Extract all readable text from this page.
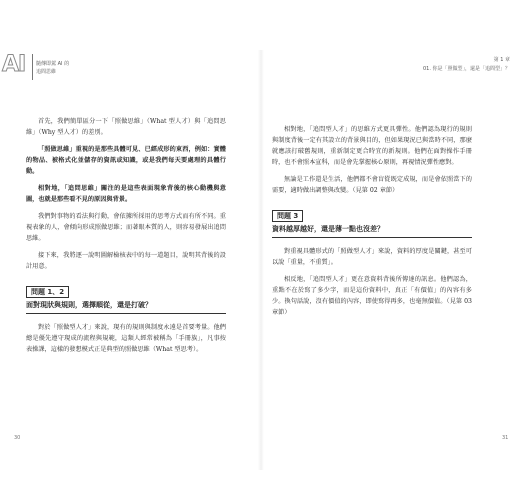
AI 隨傳即駕 AI 的
追問思維

首先，我們簡單區分一下「照做思維」（What 型人才）與「追問思維」（Why 型人才）的差別。

「照做思維」重視的是那些具體可見、已經成形的東西，例如：實體的物品、被格式化並儲存的資訊或知識，或是我們每天要處理的具體行動。

相對地，「追問思維」關注的是這些表面現象背後的核心動機與意圖，也就是那些看不見的原因與背景。

我們對事物的看法與行動，會依據所採用的思考方式而有所不同。重視表象的人，會傾向形成照做思維；而著眼本質的人，則容易發展出追問思維。

接下來，我將逐一說明圖解檢核表中的每一道題目，說明其背後的設計用意。

問題 1、2
面對現狀與規則，選擇順從，還是打破？

對於「照做型人才」來說，現有的規則與制度永遠是首要考量。他們總是優先遵守現成的流程與規範，這類人經常被稱為「手冊族」，凡事按表操課，這樣的發想模式正是典型的照做思維（What 型思考）。

30
第 1 章
01. 你是「照做型」，還是「追問型」？

相對地，「追問型人才」的思維方式更具彈性。他們認為現行的規則與制度背後一定有其設立的背景與目的，但如果現況已與當時不同，那麼就應該打破舊規則，重新制定更合時宜的新規則。他們在面對操作手冊時，也不會照本宣科，而是會先掌握核心原則，再視情況彈性應對。

無論是工作還是生活，他們都不會盲從既定成規，而是會依照當下的需要，適時做出調整與改變。（見第 02 章節）

問題 3
資料越厚越好，還是薄一點也沒差？

對重視具體形式的「照做型人才」來說，資料的厚度是關鍵，甚至可以說「重量，不重質」。

相反地，「追問型人才」更在意資料背後所傳達的訊息。他們認為，重點不在於寫了多少字，而是這份資料中，真正「有價值」的內容有多少。換句話說，沒有價值的內容，即使寫得再多，也毫無價值。（見第 03 章節）

31
